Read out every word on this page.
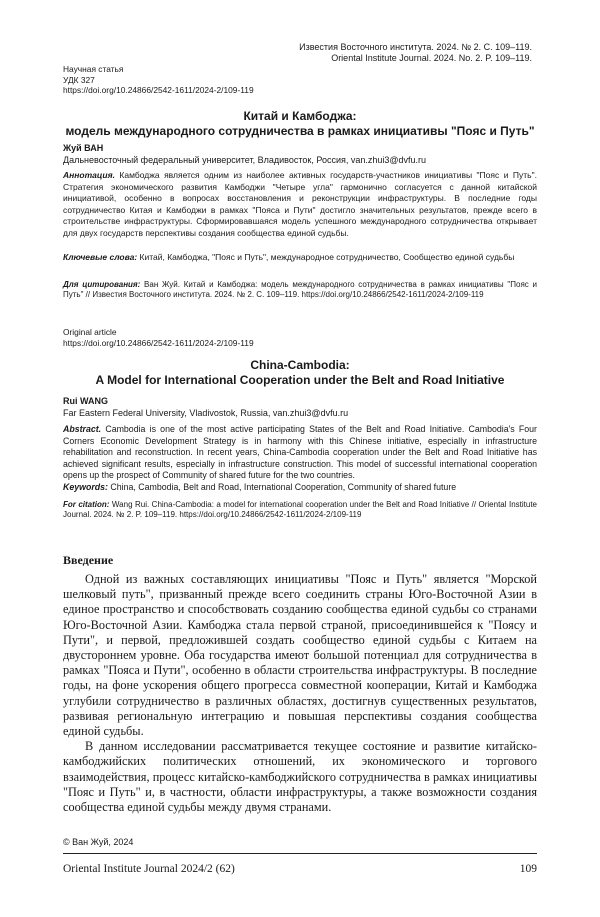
Известия Восточного института. 2024. № 2. С. 109–119.
Oriental Institute Journal. 2024. No. 2. P. 109–119.
Научная статья
УДК 327
https://doi.org/10.24866/2542-1611/2024-2/109-119
Китай и Камбоджа:
модель международного сотрудничества в рамках инициативы "Пояс и Путь"
Жуй ВАН
Дальневосточный федеральный университет, Владивосток, Россия, van.zhui3@dvfu.ru
Аннотация. Камбоджа является одним из наиболее активных государств-участников инициативы "Пояс и Путь". Стратегия экономического развития Камбоджи "Четыре угла" гармонично согласуется с данной китайской инициативой, особенно в вопросах восстановления и реконструкции инфраструктуры. В последние годы сотрудничество Китая и Камбоджи в рамках "Пояса и Пути" достигло значительных результатов, прежде всего в строительстве инфраструктуры. Сформировавшаяся модель успешного международного сотрудничества открывает для двух государств перспективы создания сообщества единой судьбы.
Ключевые слова: Китай, Камбоджа, "Пояс и Путь", международное сотрудничество, Сообщество единой судьбы
Для цитирования: Ван Жуй. Китай и Камбоджа: модель международного сотрудничества в рамках инициативы "Пояс и Путь" // Известия Восточного института. 2024. № 2. С. 109–119. https://doi.org/10.24866/2542-1611/2024-2/109-119
Original article
https://doi.org/10.24866/2542-1611/2024-2/109-119
China-Cambodia:
A Model for International Cooperation under the Belt and Road Initiative
Rui WANG
Far Eastern Federal University, Vladivostok, Russia, van.zhui3@dvfu.ru
Abstract. Cambodia is one of the most active participating States of the Belt and Road Initiative. Cambodia's Four Corners Economic Development Strategy is in harmony with this Chinese initiative, especially in infrastructure rehabilitation and reconstruction. In recent years, China-Cambodia cooperation under the Belt and Road Initiative has achieved significant results, especially in infrastructure construction. This model of successful international cooperation opens up the prospect of Community of shared future for the two countries.
Keywords: China, Cambodia, Belt and Road, International Cooperation, Community of shared future
For citation: Wang Rui. China-Cambodia: a model for international cooperation under the Belt and Road Initiative // Oriental Institute Journal. 2024. № 2. P. 109–119. https://doi.org/10.24866/2542-1611/2024-2/109-119
Введение

Одной из важных составляющих инициативы "Пояс и Путь" является "Морской шелковый путь", призванный прежде всего соединить страны Юго-Восточной Азии в единое пространство и способствовать созданию сообщества единой судьбы со странами Юго-Восточной Азии. Камбоджа стала первой страной, присоединившейся к "Поясу и Пути", и первой, предложившей создать сообщество единой судьбы с Китаем на двустороннем уровне. Оба государства имеют большой потенциал для сотрудничества в рамках "Пояса и Пути", особенно в области строительства инфраструктуры. В последние годы, на фоне ускорения общего прогресса совместной кооперации, Китай и Камбоджа углубили сотрудничество в различных областях, достигнув существенных результатов, развивая региональную интеграцию и повышая перспективы создания сообщества единой судьбы.

В данном исследовании рассматривается текущее состояние и развитие китайско-камбоджийских политических отношений, их экономического и торгового взаимодействия, процесс китайско-камбоджийского сотрудничества в рамках инициативы "Пояс и Путь" и, в частности, области инфраструктуры, а также возможности создания сообщества единой судьбы между двумя странами.

© Ван Жуй, 2024
Oriental Institute Journal 2024/2 (62)	109
